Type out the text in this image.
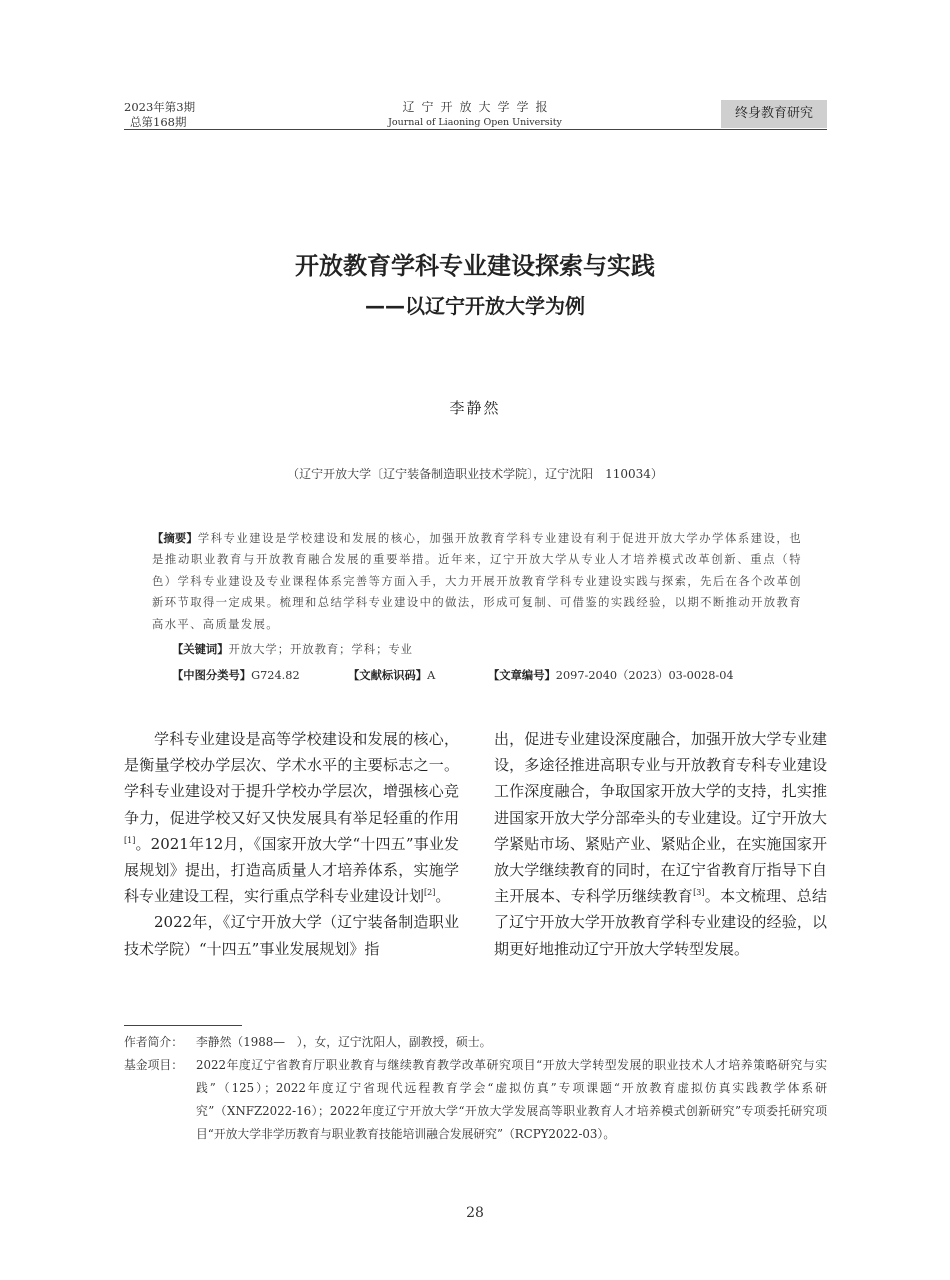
2023年第3期
总第168期
辽宁开放大学学报
Journal of Liaoning Open University
终身教育研究
开放教育学科专业建设探索与实践
——以辽宁开放大学为例
李静然
（辽宁开放大学〔辽宁装备制造职业技术学院〕，辽宁沈阳　110034）
【摘要】学科专业建设是学校建设和发展的核心，加强开放教育学科专业建设有利于促进开放大学办学体系建设，也是推动职业教育与开放教育融合发展的重要举措。近年来，辽宁开放大学从专业人才培养模式改革创新、重点（特色）学科专业建设及专业课程体系完善等方面入手，大力开展开放教育学科专业建设实践与探索，先后在各个改革创新环节取得一定成果。梳理和总结学科专业建设中的做法，形成可复制、可借鉴的实践经验，以期不断推动开放教育高水平、高质量发展。
【关键词】开放大学；开放教育；学科；专业
【中图分类号】G724.82	【文献标识码】A	【文章编号】2097-2040（2023）03-0028-04

学科专业建设是高等学校建设和发展的核心，是衡量学校办学层次、学术水平的主要标志之一。学科专业建设对于提升学校办学层次，增强核心竞争力，促进学校又好又快发展具有举足轻重的作用[1]。2021年12月，《国家开放大学“十四五”事业发展规划》提出，打造高质量人才培养体系，实施学科专业建设工程，实行重点学科专业建设计划[2]。

2022年，《辽宁开放大学（辽宁装备制造职业技术学院）“十四五”事业发展规划》指

出，促进专业建设深度融合，加强开放大学专业建设，多途径推进高职专业与开放教育专科专业建设工作深度融合，争取国家开放大学的支持，扎实推进国家开放大学分部牵头的专业建设。辽宁开放大学紧贴市场、紧贴产业、紧贴企业，在实施国家开放大学继续教育的同时，在辽宁省教育厅指导下自主开展本、专科学历继续教育[3]。本文梳理、总结了辽宁开放大学开放教育学科专业建设的经验，以期更好地推动辽宁开放大学转型发展。

作者简介：	李静然（1988—　），女，辽宁沈阳人，副教授，硕士。
基金项目：	2022年度辽宁省教育厅职业教育与继续教育教学改革研究项目“开放大学转型发展的职业技术人才培养策略研究与实践”（125）；2022年度辽宁省现代远程教育学会“虚拟仿真”专项课题“开放教育虚拟仿真实践教学体系研究”（XNFZ2022-16）；2022年度辽宁开放大学“开放大学发展高等职业教育人才培养模式创新研究”专项委托研究项目“开放大学非学历教育与职业教育技能培训融合发展研究”（RCPY2022-03）。
28
